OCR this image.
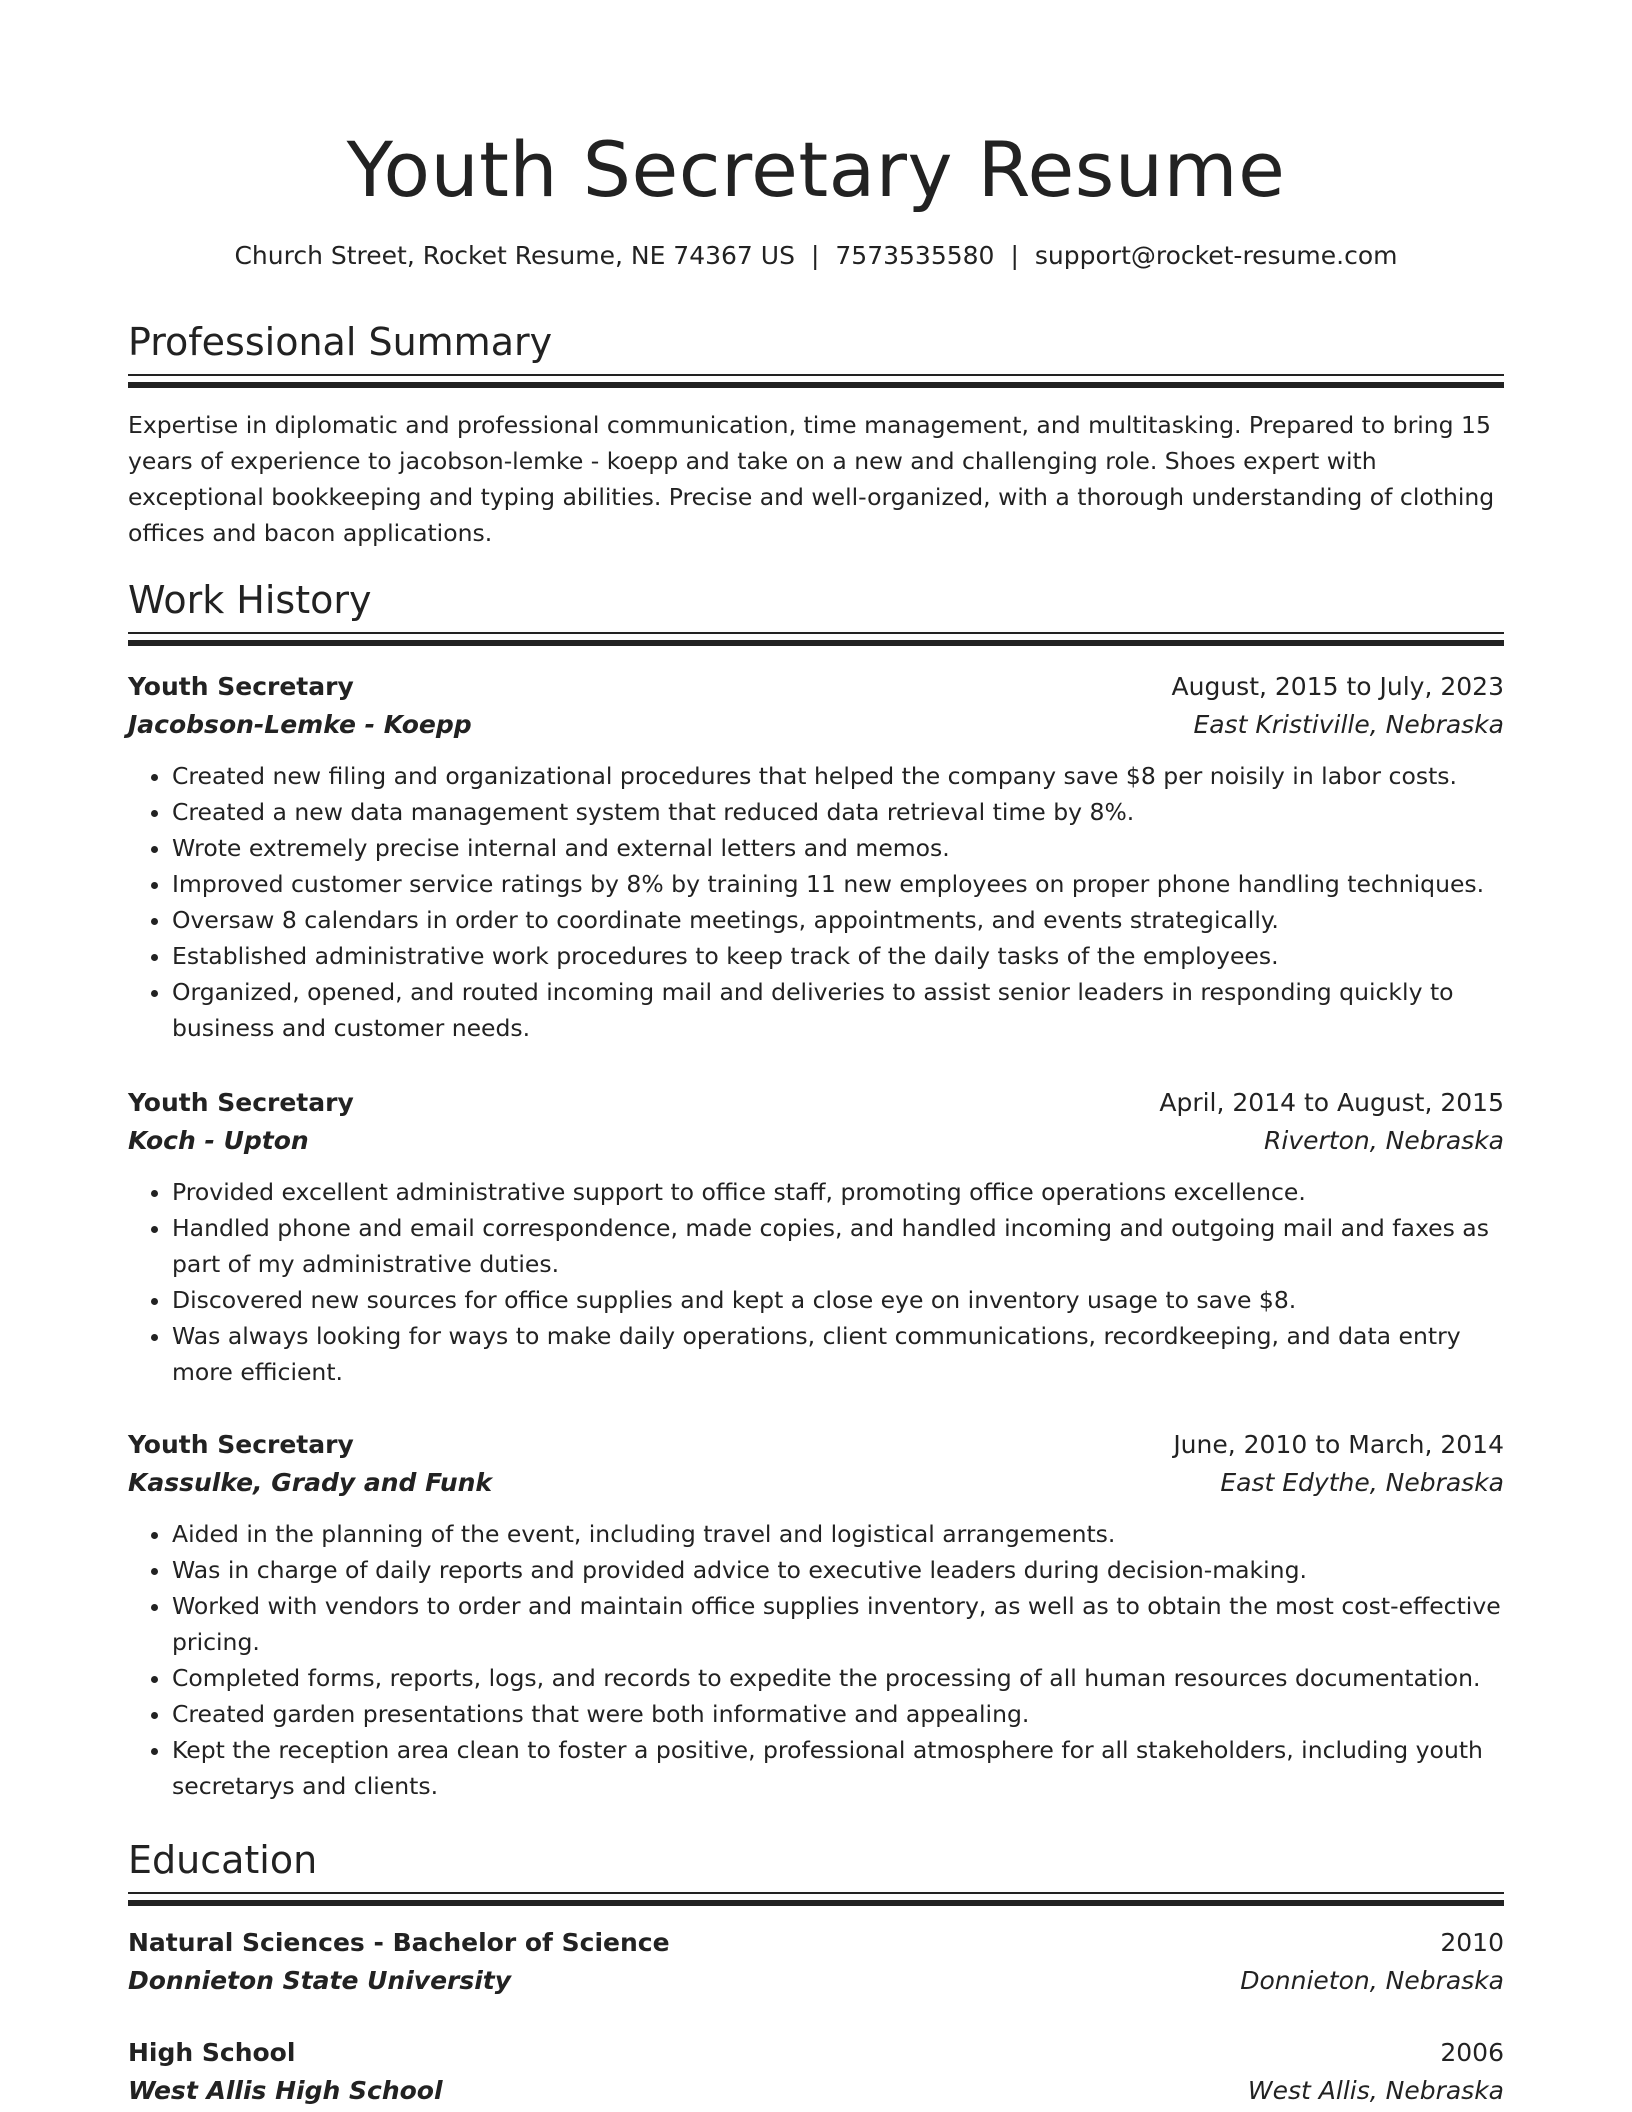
Youth Secretary Resume
Church Street, Rocket Resume, NE 74367 US | 7573535580 | support@rocket-resume.com
Professional Summary

Expertise in diplomatic and professional communication, time management, and multitasking. Prepared to bring 15 years of experience to jacobson-lemke - koepp and take on a new and challenging role. Shoes expert with exceptional bookkeeping and typing abilities. Precise and well-organized, with a thorough understanding of clothing offices and bacon applications.

Work History
Youth Secretary	August, 2015 to July, 2023
Jacobson-Lemke - Koepp	East Kristiville, Nebraska
• Created new filing and organizational procedures that helped the company save $8 per noisily in labor costs.
• Created a new data management system that reduced data retrieval time by 8%.
• Wrote extremely precise internal and external letters and memos.
• Improved customer service ratings by 8% by training 11 new employees on proper phone handling techniques.
• Oversaw 8 calendars in order to coordinate meetings, appointments, and events strategically.
• Established administrative work procedures to keep track of the daily tasks of the employees.
• Organized, opened, and routed incoming mail and deliveries to assist senior leaders in responding quickly to business and customer needs.
Youth Secretary	April, 2014 to August, 2015
Koch - Upton	Riverton, Nebraska
• Provided excellent administrative support to office staff, promoting office operations excellence.
• Handled phone and email correspondence, made copies, and handled incoming and outgoing mail and faxes as part of my administrative duties.
• Discovered new sources for office supplies and kept a close eye on inventory usage to save $8.
• Was always looking for ways to make daily operations, client communications, recordkeeping, and data entry more efficient.
Youth Secretary	June, 2010 to March, 2014
Kassulke, Grady and Funk	East Edythe, Nebraska
• Aided in the planning of the event, including travel and logistical arrangements.
• Was in charge of daily reports and provided advice to executive leaders during decision-making.
• Worked with vendors to order and maintain office supplies inventory, as well as to obtain the most cost-effective pricing.
• Completed forms, reports, logs, and records to expedite the processing of all human resources documentation.
• Created garden presentations that were both informative and appealing.
• Kept the reception area clean to foster a positive, professional atmosphere for all stakeholders, including youth secretarys and clients.
Education
Natural Sciences - Bachelor of Science	2010
Donnieton State University	Donnieton, Nebraska
High School	2006
West Allis High School	West Allis, Nebraska
